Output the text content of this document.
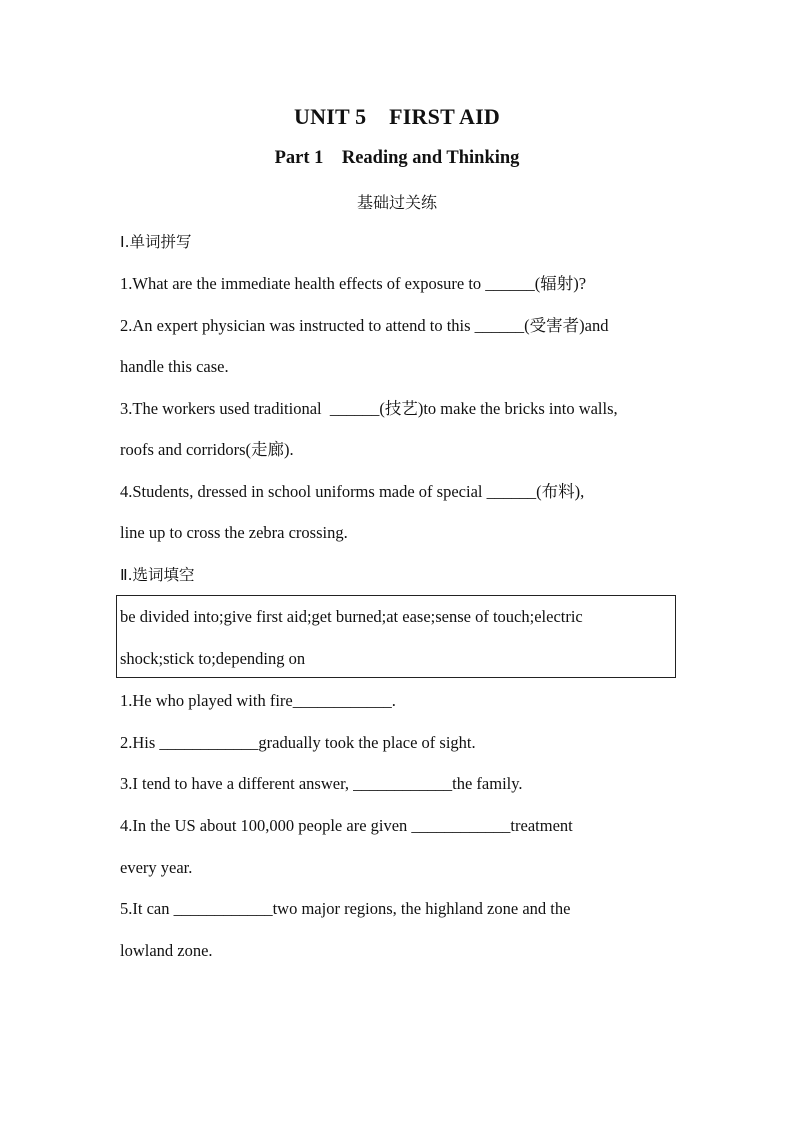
UNIT 5    FIRST AID
Part 1    Reading and Thinking
基础过关练
Ⅰ.单词拼写
1.What are the immediate health effects of exposure to ______(辐射)?
2.An expert physician was instructed to attend to this ______(受害者)and
handle this case.
3.The workers used traditional  ______(技艺)to make the bricks into walls,
roofs and corridors(走廊).
4.Students, dressed in school uniforms made of special ______(布料),
line up to cross the zebra crossing.
Ⅱ.选词填空
be divided into;give first aid;get burned;at ease;sense of touch;electric
shock;stick to;depending on
1.He who played with fire____________.
2.His ____________gradually took the place of sight.
3.I tend to have a different answer, ____________the family.
4.In the US about 100,000 people are given ____________treatment
every year.
5.It can ____________two major regions, the highland zone and the
lowland zone.
